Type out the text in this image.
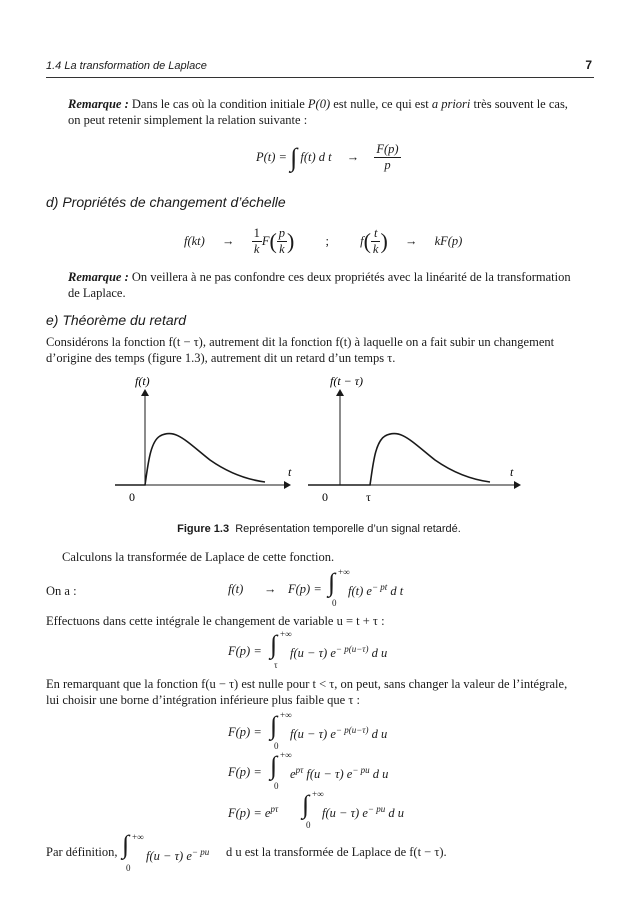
1.4 La transformation de Laplace	7
Remarque : Dans le cas où la condition initiale P(0) est nulle, ce qui est a priori très souvent le cas,
on peut retenir simplement la relation suivante :
P(t) = ∫ f(t) d $t \to \frac{F(p)}{p}$
d) Propriétés de changement d’échelle
$f(kt) \to \frac{1}{k} F( \frac{p}{k}$ ) ; $f( \frac{t}{k}$ ) → kF(p)
Remarque : On veillera à ne pas confondre ces deux propriétés avec la linéarité de la transformation
de Laplace.
e) Théorème du retard
Considérons la fonction f(t − τ), autrement dit la fonction f(t) à laquelle on a fait subir un changement
d’origine des temps (figure 1.3), autrement dit un retard d’un temps τ.
f(t)
t
0
f(t − τ)
t
0	τ
Figure 1.3 Représentation temporelle d’un signal retardé.
Calculons la transformée de Laplace de cette fonction.
On a :	f(t) → F(p) = ∫ +∞
0
f(t) $e^{- pt}$ d t
Effectuons dans cette intégrale le changement de variable u = t + τ :
F(p) = ∫ +∞
τ
f(u − τ) $e^{- p(u-\tau)}$ d u
En remarquant que la fonction f(u − τ) est nulle pour t < τ, on peut, sans changer la valeur de l’intégrale,
lui choisir une borne d’intégration inférieure plus faible que τ :
F(p) = ∫ +∞
0
f(u − τ) $e^{- p(u-\tau)}$ d u
F(p) = ∫ +∞
0
$e^{p\tau}$ f(u − τ) $e^{- pu}$ d u
$F(p) = e^{p\tau}$ ∫ +∞
0
f(u − τ) $e^{- pu}$ d u
Par définition, ∫ +∞
0
f(u − τ) $e^{- pu}$ d u est la transformée de Laplace de f(t − τ).
